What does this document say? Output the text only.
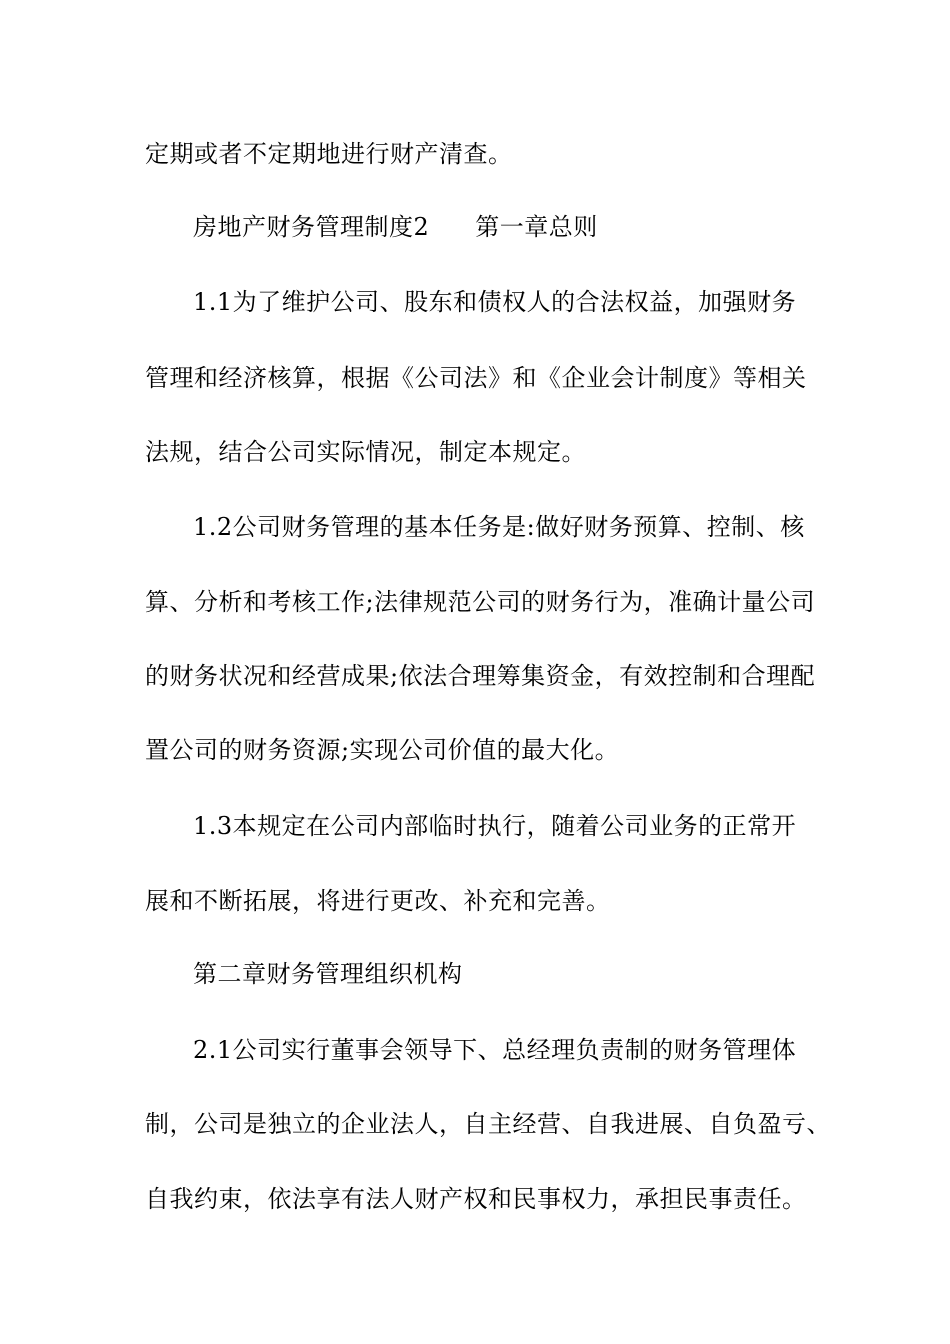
定期或者不定期地进行财产清查。
房地产财务管理制度2 第一章总则
1.1为了维护公司、股东和债权人的合法权益，加强财务
管理和经济核算，根据《公司法》和《企业会计制度》等相关
法规，结合公司实际情况，制定本规定。
1.2公司财务管理的基本任务是:做好财务预算、控制、核
算、分析和考核工作;法律规范公司的财务行为，准确计量公司
的财务状况和经营成果;依法合理筹集资金，有效控制和合理配
置公司的财务资源;实现公司价值的最大化。
1.3本规定在公司内部临时执行，随着公司业务的正常开
展和不断拓展，将进行更改、补充和完善。
第二章财务管理组织机构
2.1公司实行董事会领导下、总经理负责制的财务管理体
制，公司是独立的企业法人，自主经营、自我进展、自负盈亏、
自我约束，依法享有法人财产权和民事权力，承担民事责任。
